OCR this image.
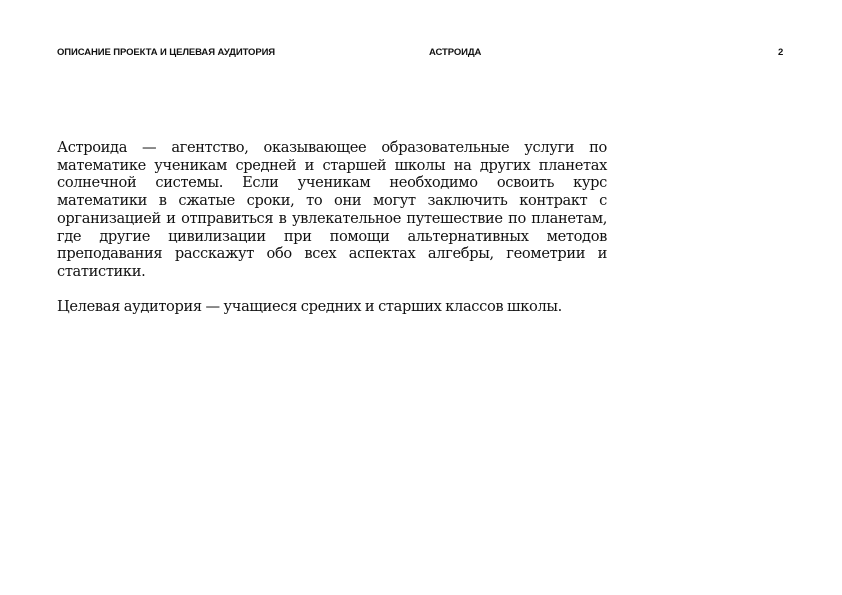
ОПИСАНИЕ ПРОЕКТА И ЦЕЛЕВАЯ АУДИТОРИЯ	АСТРОИДА	2

Астроида — агентство, оказывающее образовательные услуги по математике ученикам средней и старшей школы на других планетах солнечной системы. Если ученикам необходимо освоить курс математики в сжатые сроки, то они могут заключить контракт с организацией и отправиться в увлекательное путешествие по планетам, где другие цивилизации при помощи альтернативных методов преподавания расскажут обо всех аспектах алгебры, геометрии и статистики.

Целевая аудитория — учащиеся средних и старших классов школы.
